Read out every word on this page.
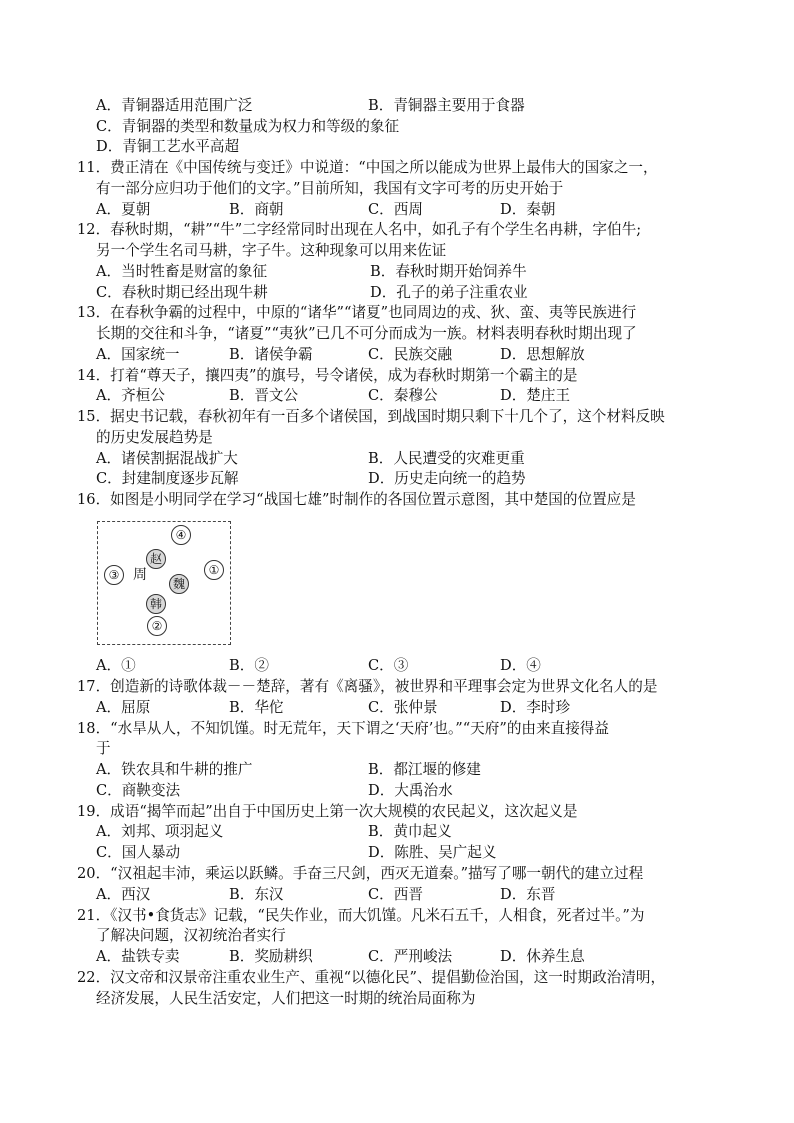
A．青铜器适用范围广泛	B．青铜器主要用于食器
C．青铜器的类型和数量成为权力和等级的象征
D．青铜工艺水平高超
11．费正清在《中国传统与变迁》中说道：“中国之所以能成为世界上最伟大的国家之一，
有一部分应归功于他们的文字。”目前所知，我国有文字可考的历史开始于
A．夏朝	B．商朝	C．西周	D．秦朝
12．春秋时期，“耕”“牛”二字经常同时出现在人名中，如孔子有个学生名冉耕，字伯牛;
另一个学生名司马耕，字子牛。这种现象可以用来佐证
A．当时牲畜是财富的象征	B．春秋时期开始饲养牛
C．春秋时期已经出现牛耕	D．孔子的弟子注重农业
13．在春秋争霸的过程中，中原的“诸华”“诸夏”也同周边的戎、狄、蛮、夷等民族进行
长期的交往和斗争，“诸夏”“夷狄”已几不可分而成为一族。材料表明春秋时期出现了
A．国家统一	B．诸侯争霸	C．民族交融	D．思想解放
14．打着“尊天子，攘四夷”的旗号，号令诸侯，成为春秋时期第一个霸主的是
A．齐桓公	B．晋文公	C．秦穆公	D．楚庄王
15．据史书记载，春秋初年有一百多个诸侯国，到战国时期只剩下十几个了，这个材料反映
的历史发展趋势是
A．诸侯割据混战扩大	B．人民遭受的灾难更重
C．封建制度逐步瓦解	D．历史走向统一的趋势
16．如图是小明同学在学习“战国七雄”时制作的各国位置示意图，其中楚国的位置应是
④
赵
③ 周
魏
①
韩
②
A．①	B．②	C．③	D．④
17．创造新的诗歌体裁－－楚辞，著有《离骚》，被世界和平理事会定为世界文化名人的是
A．屈原	B．华佗	C．张仲景	D．李时珍
18．“水旱从人，不知饥馑。时无荒年，天下谓之‘天府’也。”“天府”的由来直接得益
于
A．铁农具和牛耕的推广	B．都江堰的修建
C．商鞅变法	D．大禹治水
19．成语“揭竿而起”出自于中国历史上第一次大规模的农民起义，这次起义是
A．刘邦、项羽起义	B．黄巾起义
C．国人暴动	D．陈胜、吴广起义
20．“汉祖起丰沛，乘运以跃鳞。手奋三尺剑，西灭无道秦。”描写了哪一朝代的建立过程
A．西汉	B．东汉	C．西晋	D．东晋
21．《汉书•食货志》记载，“民失作业，而大饥馑。凡米石五千，人相食，死者过半。”为
了解决问题，汉初统治者实行
A．盐铁专卖	B．奖励耕织	C．严刑峻法	D．休养生息
22．汉文帝和汉景帝注重农业生产、重视“以德化民”、提倡勤俭治国，这一时期政治清明，
经济发展，人民生活安定，人们把这一时期的统治局面称为
